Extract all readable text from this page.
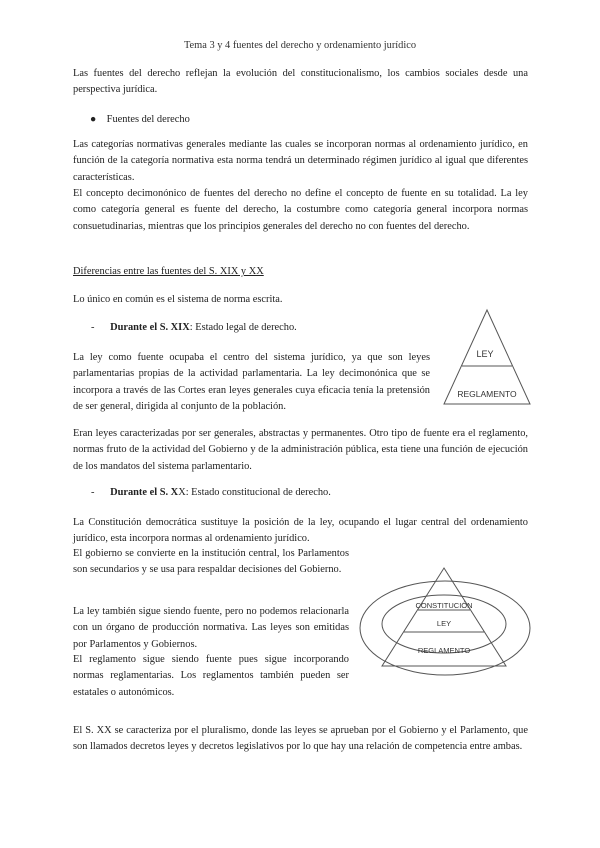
Tema 3 y 4 fuentes del derecho y ordenamiento jurídico
Las fuentes del derecho reflejan la evolución del constitucionalismo, los cambios sociales desde una perspectiva jurídica.
● Fuentes del derecho
Las categorías normativas generales mediante las cuales se incorporan normas al ordenamiento jurídico, en función de la categoría normativa esta norma tendrá un determinado régimen jurídico al igual que diferentes características.
El concepto decimonónico de fuentes del derecho no define el concepto de fuente en su totalidad. La ley como categoría general es fuente del derecho, la costumbre como categoría general incorpora normas consuetudinarias, mientras que los principios generales del derecho no con fuentes del derecho.
Diferencias entre las fuentes del S. XIX y XX
Lo único en común es el sistema de norma escrita.
- Durante el S. XIX: Estado legal de derecho.
La ley como fuente ocupaba el centro del sistema jurídico, ya que son leyes parlamentarias propias de la actividad parlamentaria. La ley decimonónica que se incorpora a través de las Cortes eran leyes generales cuya eficacia tenía la pretensión de ser general, dirigida al conjunto de la población.
LEY
REGLAMENTO
Eran leyes caracterizadas por ser generales, abstractas y permanentes. Otro tipo de fuente era el reglamento, normas fruto de la actividad del Gobierno y de la administración pública, esta tiene una función de ejecución de los mandatos del sistema parlamentario.
- Durante el S. XX: Estado constitucional de derecho.
La Constitución democrática sustituye la posición de la ley, ocupando el lugar central del ordenamiento jurídico, esta incorpora normas al ordenamiento jurídico.
El gobierno se convierte en la institución central, los Parlamentos son secundarios y se usa para respaldar decisiones del Gobierno.
La ley también sigue siendo fuente, pero no podemos relacionarla con un órgano de producción normativa. Las leyes son emitidas por Parlamentos y Gobiernos.
El reglamento sigue siendo fuente pues sigue incorporando normas reglamentarias. Los reglamentos también pueden ser estatales o autonómicos.
CONSTITUCIÓN
LEY
REGLAMENTO
El S. XX se caracteriza por el pluralismo, donde las leyes se aprueban por el Gobierno y el Parlamento, que son llamados decretos leyes y decretos legislativos por lo que hay una relación de competencia entre ambas.
